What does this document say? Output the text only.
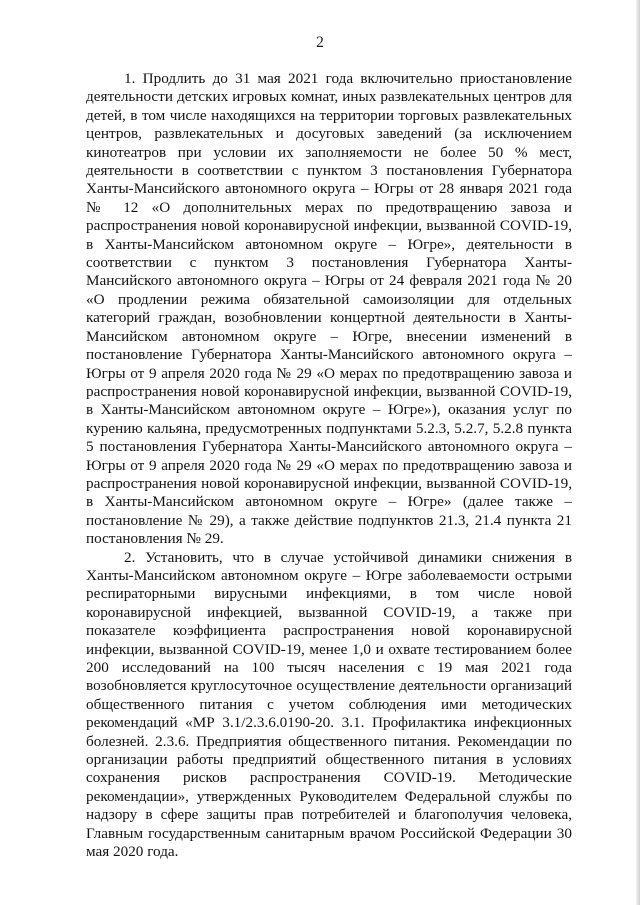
2

1. Продлить до 31 мая 2021 года включительно приостановление деятельности детских игровых комнат, иных развлекательных центров для детей, в том числе находящихся на территории торговых развлекательных центров, развлекательных и досуговых заведений (за исключением кинотеатров при условии их заполняемости не более 50 % мест, деятельности в соответствии с пунктом 3 постановления Губернатора Ханты-Мансийского автономного округа – Югры от 28 января 2021 года № 12 «О дополнительных мерах по предотвращению завоза и распространения новой коронавирусной инфекции, вызванной COVID-19, в Ханты-Мансийском автономном округе – Югре», деятельности в соответствии с пунктом 3 постановления Губернатора Ханты-Мансийского автономного округа – Югры от 24 февраля 2021 года № 20 «О продлении режима обязательной самоизоляции для отдельных категорий граждан, возобновлении концертной деятельности в Ханты-Мансийском автономном округе – Югре, внесении изменений в постановление Губернатора Ханты-Мансийского автономного округа – Югры от 9 апреля 2020 года № 29 «О мерах по предотвращению завоза и распространения новой коронавирусной инфекции, вызванной COVID-19, в Ханты-Мансийском автономном округе – Югре»), оказания услуг по курению кальяна, предусмотренных подпунктами 5.2.3, 5.2.7, 5.2.8 пункта 5 постановления Губернатора Ханты-Мансийского автономного округа – Югры от 9 апреля 2020 года № 29 «О мерах по предотвращению завоза и распространения новой коронавирусной инфекции, вызванной COVID-19, в Ханты-Мансийском автономном округе – Югре» (далее также – постановление № 29), а также действие подпунктов 21.3, 21.4 пункта 21 постановления № 29.

2. Установить, что в случае устойчивой динамики снижения в Ханты-Мансийском автономном округе – Югре заболеваемости острыми респираторными вирусными инфекциями, в том числе новой коронавирусной инфекцией, вызванной COVID-19, а также при показателе коэффициента распространения новой коронавирусной инфекции, вызванной COVID-19, менее 1,0 и охвате тестированием более 200 исследований на 100 тысяч населения с 19 мая 2021 года возобновляется круглосуточное осуществление деятельности организаций общественного питания с учетом соблюдения ими методических рекомендаций «МР 3.1/2.3.6.0190-20. 3.1. Профилактика инфекционных болезней. 2.3.6. Предприятия общественного питания. Рекомендации по организации работы предприятий общественного питания в условиях сохранения рисков распространения COVID-19. Методические рекомендации», утвержденных Руководителем Федеральной службы по надзору в сфере защиты прав потребителей и благополучия человека, Главным государственным санитарным врачом Российской Федерации 30 мая 2020 года.
